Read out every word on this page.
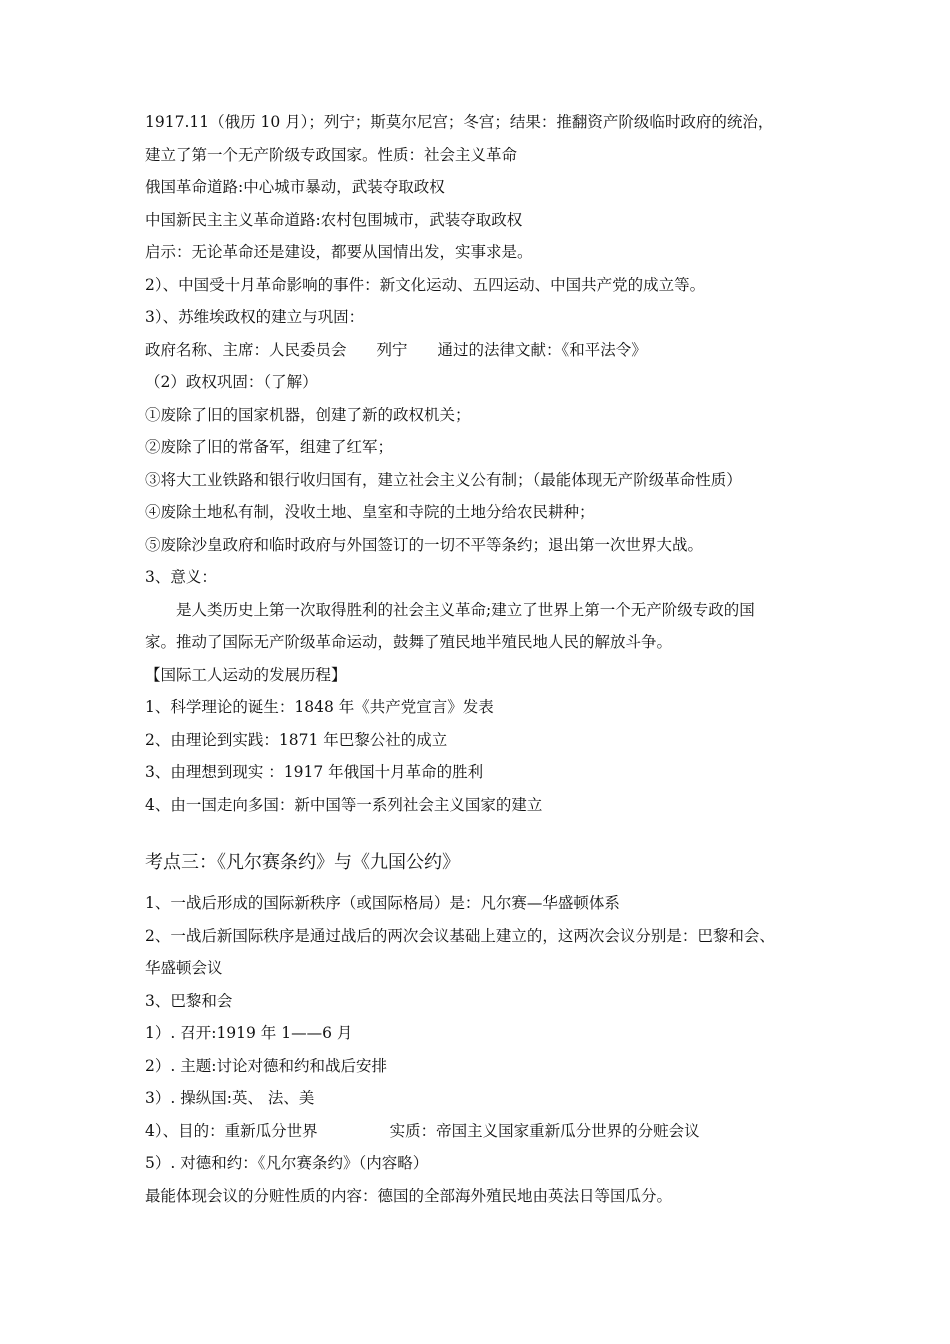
1917.11（俄历 10 月）；列宁；斯莫尔尼宫；冬宫；结果：推翻资产阶级临时政府的统治，
建立了第一个无产阶级专政国家。性质：社会主义革命
俄国革命道路:中心城市暴动，武装夺取政权
中国新民主主义革命道路:农村包围城市，武装夺取政权
启示：无论革命还是建设，都要从国情出发，实事求是。
2）、中国受十月革命影响的事件：新文化运动、五四运动、中国共产党的成立等。
3）、苏维埃政权的建立与巩固：
政府名称、主席：人民委员会 列宁 通过的法律文献：《和平法令》
（2）政权巩固：（了解）
①废除了旧的国家机器，创建了新的政权机关；
②废除了旧的常备军，组建了红军；
③将大工业铁路和银行收归国有，建立社会主义公有制；（最能体现无产阶级革命性质）
④废除土地私有制，没收土地、皇室和寺院的土地分给农民耕种；
⑤废除沙皇政府和临时政府与外国签订的一切不平等条约；退出第一次世界大战。
3、意义：
是人类历史上第一次取得胜利的社会主义革命;建立了世界上第一个无产阶级专政的国
家。推动了国际无产阶级革命运动，鼓舞了殖民地半殖民地人民的解放斗争。
【国际工人运动的发展历程】
1、科学理论的诞生：1848 年《共产党宣言》发表
2、由理论到实践：1871 年巴黎公社的成立
3、由理想到现实 ：1917 年俄国十月革命的胜利
4、由一国走向多国：新中国等一系列社会主义国家的建立
考点三：《凡尔赛条约》与《九国公约》
1、一战后形成的国际新秩序（或国际格局）是：凡尔赛—华盛顿体系
2、一战后新国际秩序是通过战后的两次会议基础上建立的，这两次会议分别是：巴黎和会、
华盛顿会议
3、巴黎和会
1）. 召开:1919 年 1——6 月
2）. 主题:讨论对德和约和战后安排
3）. 操纵国:英、 法、美
4）、目的：重新瓜分世界	实质：帝国主义国家重新瓜分世界的分赃会议
5）. 对德和约：《凡尔赛条约》（内容略）
最能体现会议的分赃性质的内容：德国的全部海外殖民地由英法日等国瓜分。
